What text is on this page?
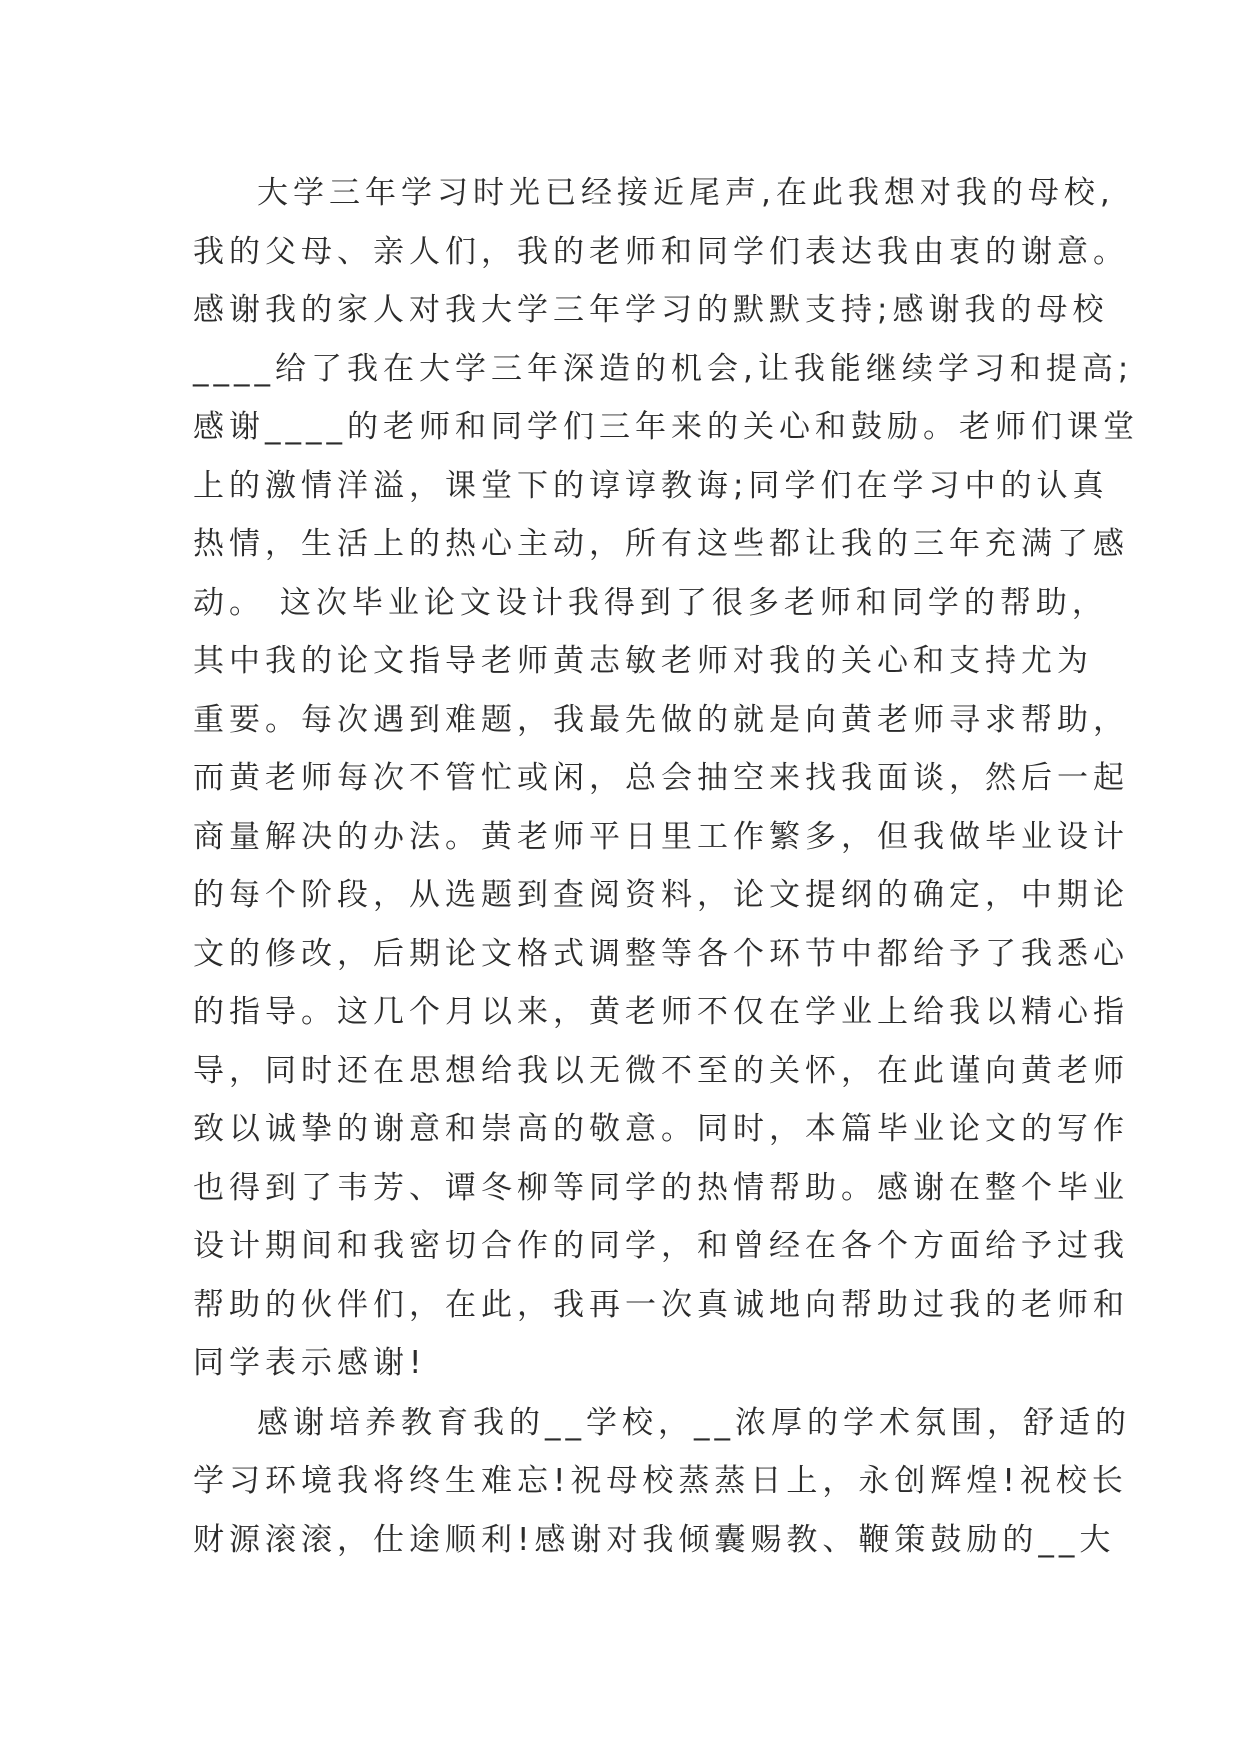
大学三年学习时光已经接近尾声,在此我想对我的母校,
我的父母、亲人们，我的老师和同学们表达我由衷的谢意。
感谢我的家人对我大学三年学习的默默支持;感谢我的母校
____给了我在大学三年深造的机会,让我能继续学习和提高;
感谢____的老师和同学们三年来的关心和鼓励。老师们课堂
上的激情洋溢，课堂下的谆谆教诲;同学们在学习中的认真
热情，生活上的热心主动，所有这些都让我的三年充满了感
动。 这次毕业论文设计我得到了很多老师和同学的帮助，
其中我的论文指导老师黄志敏老师对我的关心和支持尤为
重要。每次遇到难题，我最先做的就是向黄老师寻求帮助，
而黄老师每次不管忙或闲，总会抽空来找我面谈，然后一起
商量解决的办法。黄老师平日里工作繁多，但我做毕业设计
的每个阶段，从选题到查阅资料，论文提纲的确定，中期论
文的修改，后期论文格式调整等各个环节中都给予了我悉心
的指导。这几个月以来，黄老师不仅在学业上给我以精心指
导，同时还在思想给我以无微不至的关怀，在此谨向黄老师
致以诚挚的谢意和崇高的敬意。同时，本篇毕业论文的写作
也得到了韦芳、谭冬柳等同学的热情帮助。感谢在整个毕业
设计期间和我密切合作的同学，和曾经在各个方面给予过我
帮助的伙伴们，在此，我再一次真诚地向帮助过我的老师和
同学表示感谢!
感谢培养教育我的__学校，__浓厚的学术氛围，舒适的
学习环境我将终生难忘!祝母校蒸蒸日上，永创辉煌!祝校长
财源滚滚，仕途顺利!感谢对我倾囊赐教、鞭策鼓励的__大
